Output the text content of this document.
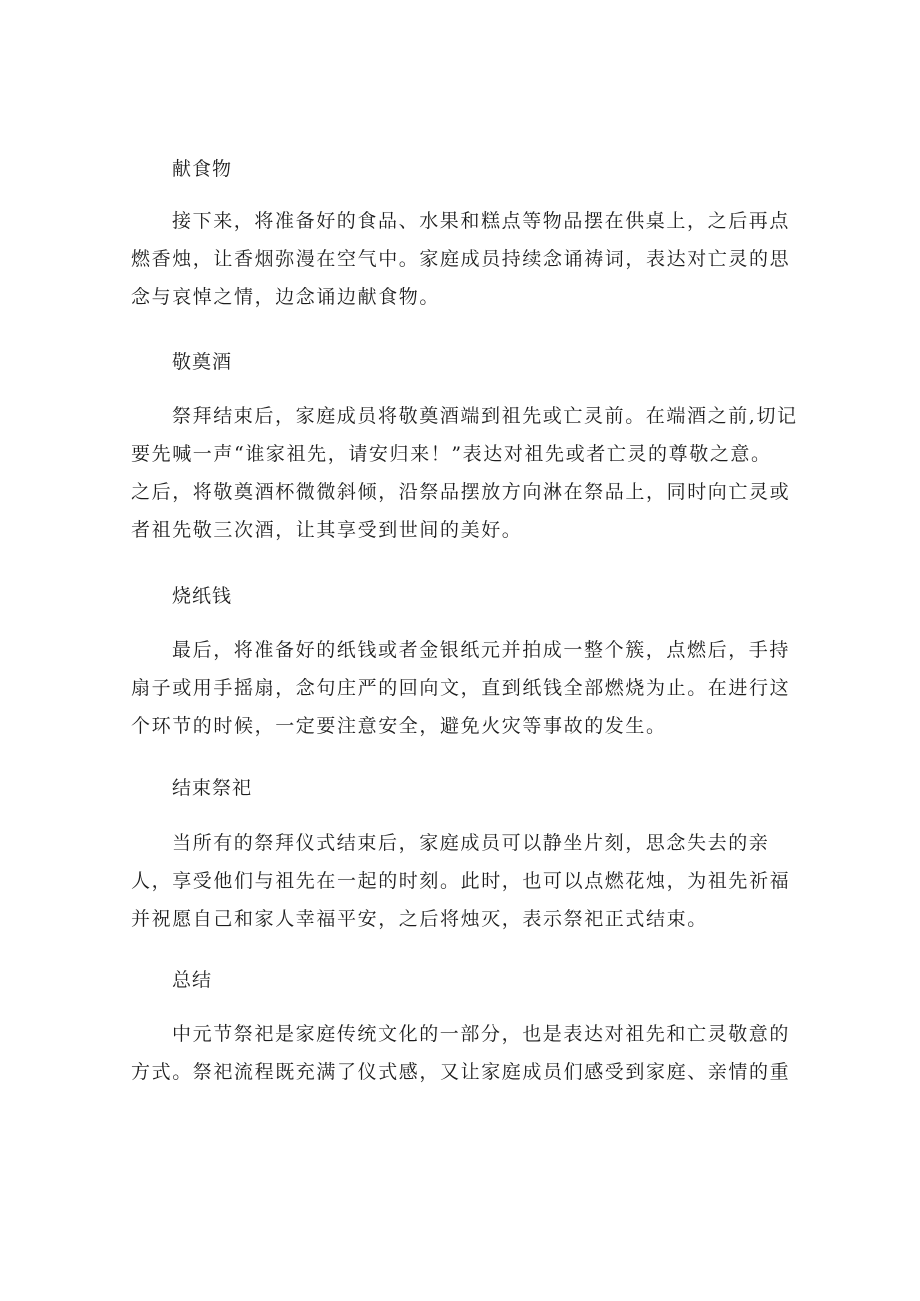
献食物
接下来，将准备好的食品、水果和糕点等物品摆在供桌上，之后再点
燃香烛，让香烟弥漫在空气中。家庭成员持续念诵祷词，表达对亡灵的思
念与哀悼之情，边念诵边献食物。
敬奠酒
祭拜结束后，家庭成员将敬奠酒端到祖先或亡灵前。在端酒之前,切记
要先喊一声“谁家祖先，请安归来！”表达对祖先或者亡灵的尊敬之意。
之后，将敬奠酒杯微微斜倾，沿祭品摆放方向淋在祭品上，同时向亡灵或
者祖先敬三次酒，让其享受到世间的美好。
烧纸钱
最后，将准备好的纸钱或者金银纸元并拍成一整个簇，点燃后，手持
扇子或用手摇扇，念句庄严的回向文，直到纸钱全部燃烧为止。在进行这
个环节的时候，一定要注意安全，避免火灾等事故的发生。
结束祭祀
当所有的祭拜仪式结束后，家庭成员可以静坐片刻，思念失去的亲
人，享受他们与祖先在一起的时刻。此时，也可以点燃花烛，为祖先祈福
并祝愿自己和家人幸福平安，之后将烛灭，表示祭祀正式结束。
总结
中元节祭祀是家庭传统文化的一部分，也是表达对祖先和亡灵敬意的
方式。祭祀流程既充满了仪式感，又让家庭成员们感受到家庭、亲情的重
